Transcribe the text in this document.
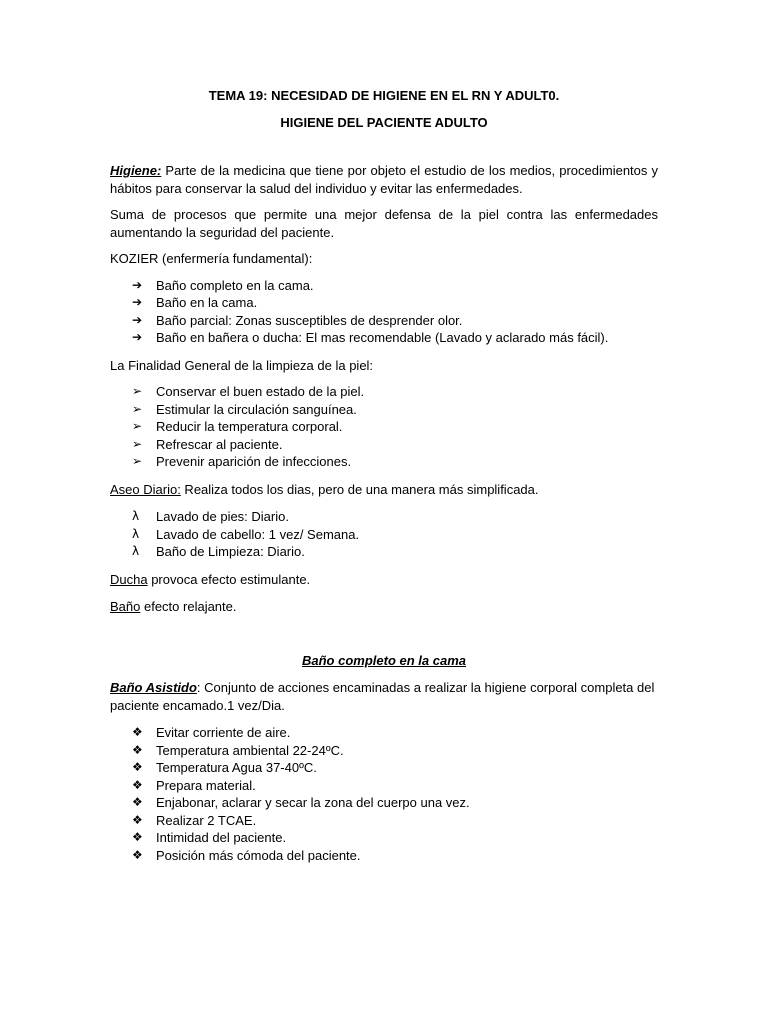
TEMA 19: NECESIDAD DE HIGIENE EN EL RN Y ADULT0.

HIGIENE DEL PACIENTE ADULTO

Higiene: Parte de la medicina que tiene por objeto el estudio de los medios, procedimientos y hábitos para conservar la salud del individuo y evitar las enfermedades.

Suma de procesos que permite una mejor defensa de la piel contra las enfermedades aumentando la seguridad del paciente.

KOZIER (enfermería fundamental):

➔	Baño completo en la cama.
➔	Baño en la cama.
➔	Baño parcial: Zonas susceptibles de desprender olor.
➔	Baño en bañera o ducha: El mas recomendable (Lavado y aclarado más fácil).

La Finalidad General de la limpieza de la piel:

➢	Conservar el buen estado de la piel.
➢	Estimular la circulación sanguínea.
➢	Reducir la temperatura corporal.
➢	Refrescar al paciente.
➢	Prevenir aparición de infecciones.

Aseo Diario: Realiza todos los dias, pero de una manera más simplificada.

λ	Lavado de pies: Diario.
λ	Lavado de cabello: 1 vez/ Semana.
λ	Baño de Limpieza: Diario.

Ducha provoca efecto estimulante.

Baño efecto relajante.

Baño completo en la cama

Baño Asistido: Conjunto de acciones encaminadas a realizar la higiene corporal completa del paciente encamado.1 vez/Dia.

❖	Evitar corriente de aire.
❖	Temperatura ambiental 22-24ºC.
❖	Temperatura Agua 37-40ºC.
❖	Prepara material.
❖	Enjabonar, aclarar y secar la zona del cuerpo una vez.
❖	Realizar 2 TCAE.
❖	Intimidad del paciente.
❖	Posición más cómoda del paciente.
